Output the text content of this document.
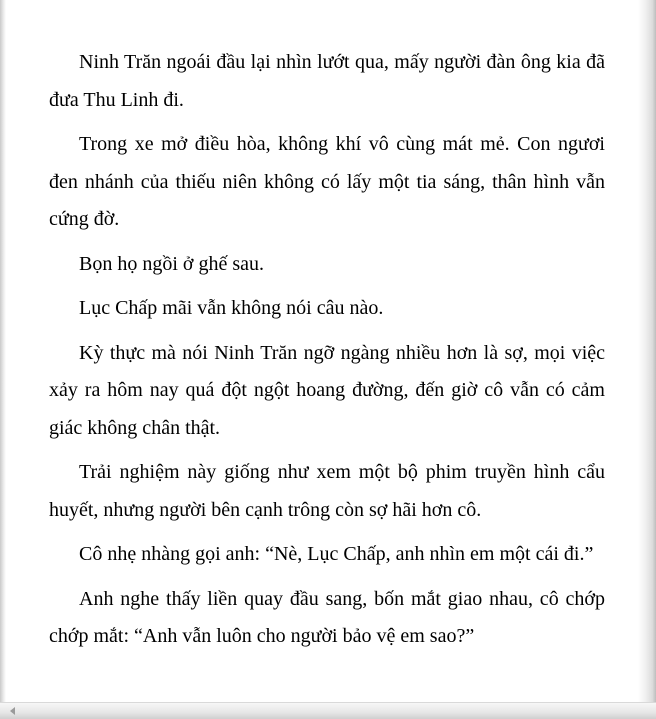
Ninh Trăn ngoái đầu lại nhìn lướt qua, mấy người đàn ông kia đã đưa Thu Linh đi.

Trong xe mở điều hòa, không khí vô cùng mát mẻ. Con ngươi đen nhánh của thiếu niên không có lấy một tia sáng, thân hình vẫn cứng đờ.

Bọn họ ngồi ở ghế sau.

Lục Chấp mãi vẫn không nói câu nào.

Kỳ thực mà nói Ninh Trăn ngỡ ngàng nhiều hơn là sợ, mọi việc xảy ra hôm nay quá đột ngột hoang đường, đến giờ cô vẫn có cảm giác không chân thật.

Trải nghiệm này giống như xem một bộ phim truyền hình cẩu huyết, nhưng người bên cạnh trông còn sợ hãi hơn cô.

Cô nhẹ nhàng gọi anh: “Nè, Lục Chấp, anh nhìn em một cái đi.”

Anh nghe thấy liền quay đầu sang, bốn mắt giao nhau, cô chớp chớp mắt: “Anh vẫn luôn cho người bảo vệ em sao?”
